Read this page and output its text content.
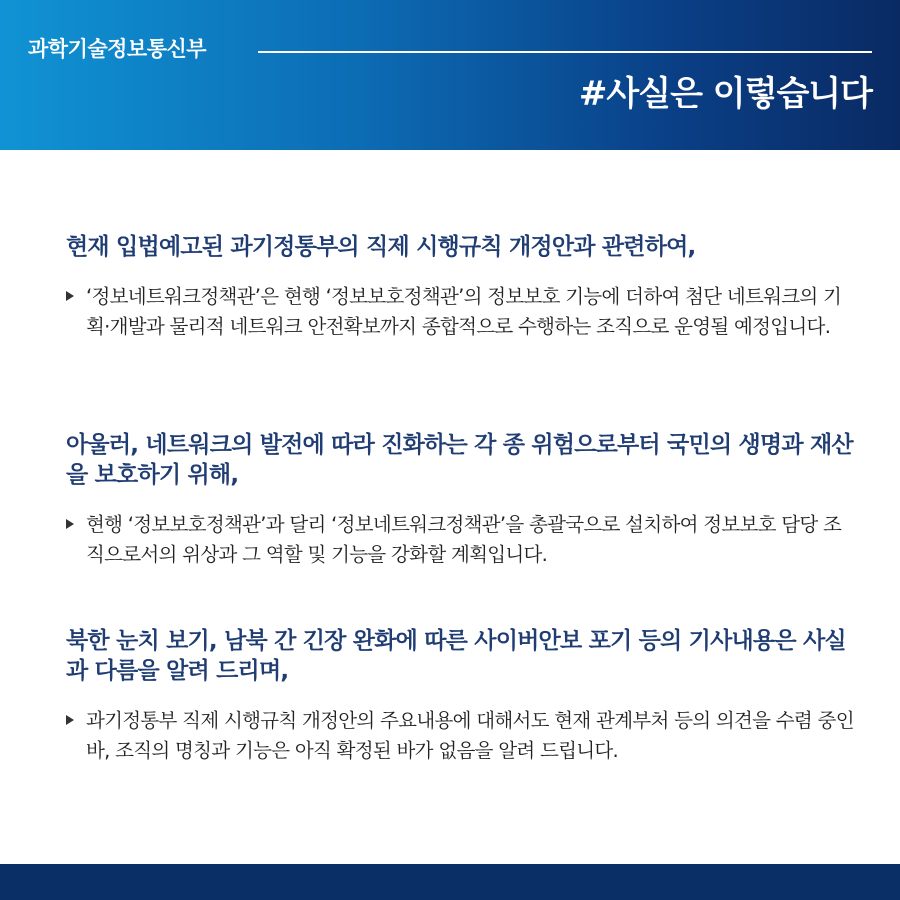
과학기술정보통신부
#사실은 이렇습니다
현재 입법예고된 과기정통부의 직제 시행규칙 개정안과 관련하여,
‘정보네트워크정책관’은 현행 ‘정보보호정책관’의 정보보호 기능에 더하여 첨단 네트워크의 기획·개발과 물리적 네트워크 안전확보까지 종합적으로 수행하는 조직으로 운영될 예정입니다.
아울러, 네트워크의 발전에 따라 진화하는 각 종 위험으로부터 국민의 생명과 재산을 보호하기 위해,
현행 ‘정보보호정책관’과 달리 ‘정보네트워크정책관’을 총괄국으로 설치하여 정보보호 담당 조직으로서의 위상과 그 역할 및 기능을 강화할 계획입니다.
북한 눈치 보기, 남북 간 긴장 완화에 따른 사이버안보 포기 등의 기사내용은 사실과 다름을 알려 드리며,
과기정통부 직제 시행규칙 개정안의 주요내용에 대해서도 현재 관계부처 등의 의견을 수렴 중인 바, 조직의 명칭과 기능은 아직 확정된 바가 없음을 알려 드립니다.
